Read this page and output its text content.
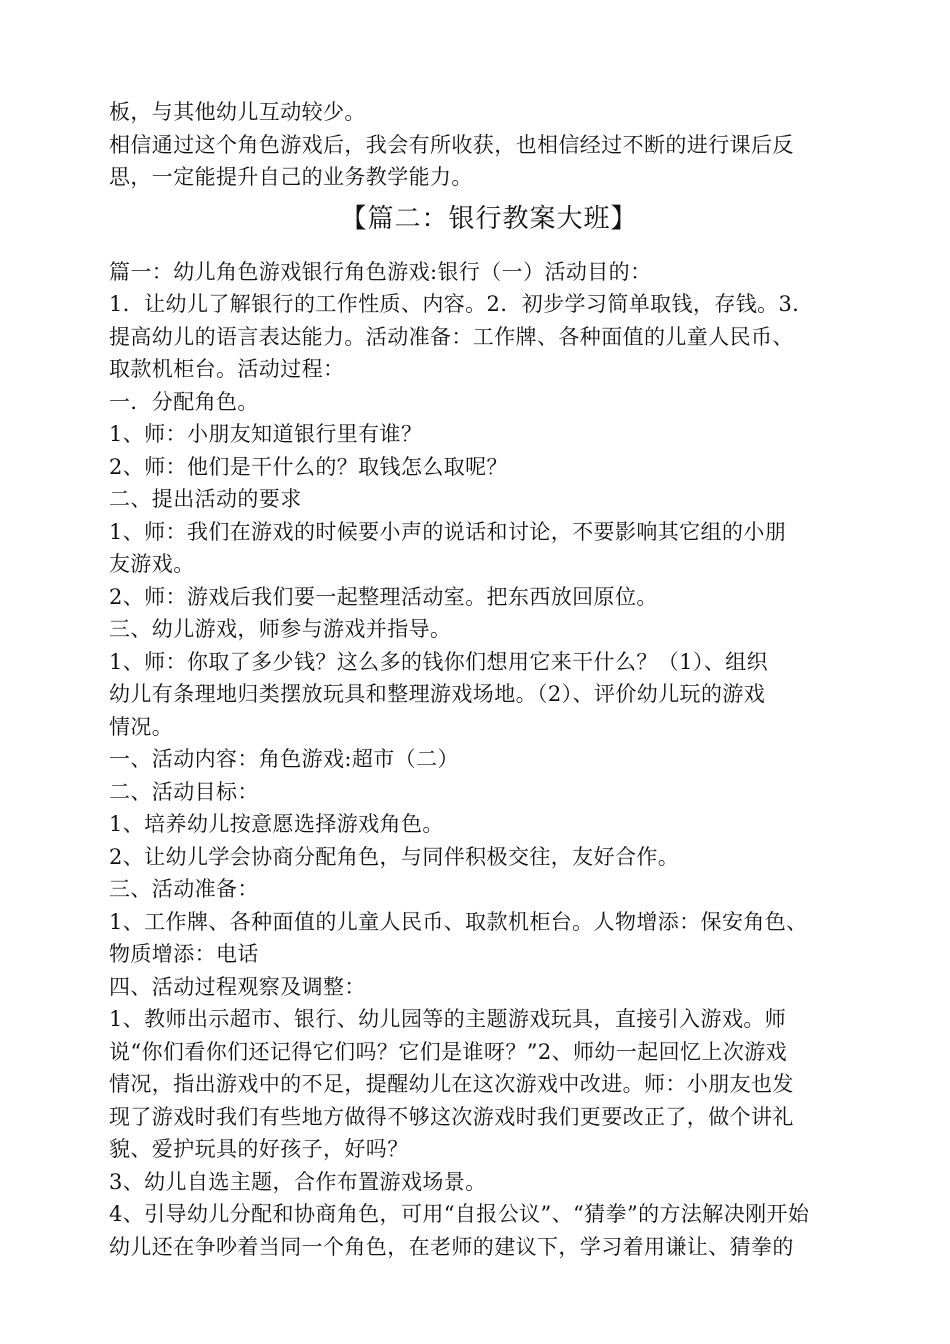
板，与其他幼儿互动较少。
相信通过这个角色游戏后，我会有所收获，也相信经过不断的进行课后反
思，一定能提升自己的业务教学能力。
【篇二：银行教案大班】
篇一：幼儿角色游戏银行角色游戏:银行（一）活动目的：
1．让幼儿了解银行的工作性质、内容。2．初步学习简单取钱，存钱。3．
提高幼儿的语言表达能力。活动准备：工作牌、各种面值的儿童人民币、
取款机柜台。活动过程：
一．分配角色。
1、师：小朋友知道银行里有谁？
2、师：他们是干什么的？取钱怎么取呢？
二、提出活动的要求
1、师：我们在游戏的时候要小声的说话和讨论，不要影响其它组的小朋
友游戏。
2、师：游戏后我们要一起整理活动室。把东西放回原位。
三、幼儿游戏，师参与游戏并指导。
1、师：你取了多少钱？这么多的钱你们想用它来干什么？（1）、组织
幼儿有条理地归类摆放玩具和整理游戏场地。（2）、评价幼儿玩的游戏
情况。
一、活动内容：角色游戏:超市（二）
二、活动目标：
1、培养幼儿按意愿选择游戏角色。
2、让幼儿学会协商分配角色，与同伴积极交往，友好合作。
三、活动准备：
1、工作牌、各种面值的儿童人民币、取款机柜台。人物增添：保安角色、
物质增添：电话
四、活动过程观察及调整：
1、教师出示超市、银行、幼儿园等的主题游戏玩具，直接引入游戏。师
说“你们看你们还记得它们吗？它们是谁呀？”2、师幼一起回忆上次游戏
情况，指出游戏中的不足，提醒幼儿在这次游戏中改进。师：小朋友也发
现了游戏时我们有些地方做得不够这次游戏时我们更要改正了，做个讲礼
貌、爱护玩具的好孩子，好吗？
3、幼儿自选主题，合作布置游戏场景。
4、引导幼儿分配和协商角色，可用“自报公议”、“猜拳”的方法解决刚开始
幼儿还在争吵着当同一个角色，在老师的建议下，学习着用谦让、猜拳的
